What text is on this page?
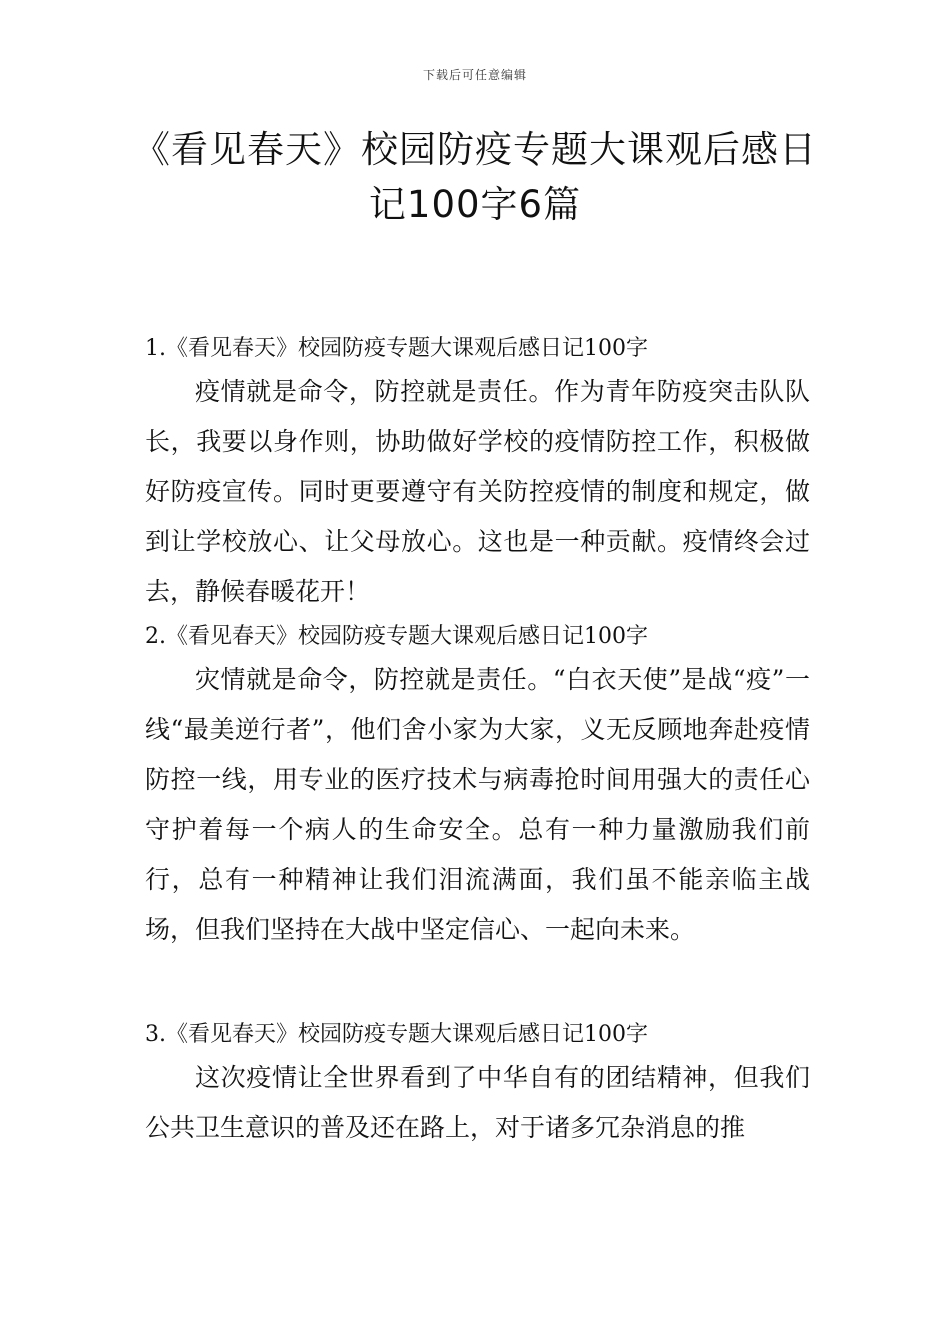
下载后可任意编辑
《看见春天》校园防疫专题大课观后感日记100字6篇

1.《看见春天》校园防疫专题大课观后感日记100字

疫情就是命令，防控就是责任。作为青年防疫突击队队长，我要以身作则，协助做好学校的疫情防控工作，积极做好防疫宣传。同时更要遵守有关防控疫情的制度和规定，做到让学校放心、让父母放心。这也是一种贡献。疫情终会过去，静候春暖花开！

2.《看见春天》校园防疫专题大课观后感日记100字

灾情就是命令，防控就是责任。“白衣天使”是战“疫”一线“最美逆行者”，他们舍小家为大家，义无反顾地奔赴疫情防控一线，用专业的医疗技术与病毒抢时间用强大的责任心守护着每一个病人的生命安全。总有一种力量激励我们前行，总有一种精神让我们泪流满面，我们虽不能亲临主战场，但我们坚持在大战中坚定信心、一起向未来。

3.《看见春天》校园防疫专题大课观后感日记100字

这次疫情让全世界看到了中华自有的团结精神，但我们公共卫生意识的普及还在路上，对于诸多冗杂消息的推
